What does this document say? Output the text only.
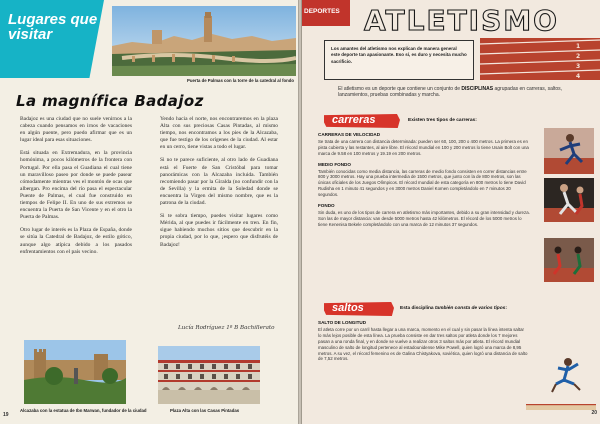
Lugares que visitar
Puerta de Palmas con la torre de la catedral al fondo
La magnífica Badajoz

Badajoz es una ciudad que no suele venirnos a la cabeza cuando pensamos en irnos de vacaciones en algún puente, pero puedo afirmar que es un lugar ideal para esas situaciones.

Está situada en Extremadura, en la provincia homónima, a pocos kilómetros de la frontera con Portugal. Por ella pasa el Guadiana el cual tiene un maravilloso paseo por donde se puede pasear cómodamente mientras ves el montón de ocas que albergan. Pro encima del río pasa el espectacular Puente de Palmas, el cual fue construido en tiempos de Felipe II. En uno de sus extremos se encuentra la Puerta de San Vicente y en el otro la Puerta de Palmas.

Otro lugar de interés es la Plaza de España, donde se sitúa la Catedral de Badajoz, de estilo gótico, aunque algo atípica debido a los pasados enfrentamientos con el país vecino.

Yendo hacia el norte, nos encontraremos en la plaza Alta con sus preciosas Casas Pintadas, al mismo tiempo, nos encontramos a los pies de la Alcazaba, que fue testigo de los orígenes de la ciudad. Al estar en un cerro, tiene vistas a todo el lugar.

Si no te parece suficiente, al otro lado de Guadiana está el Fuerte de San Cristóbal para tomar panorámicas con la Alcazaba incluida. También recomiendo pasar por la Giralda (no confundir con la de Sevilla) y la ermita de la Soledad donde se encuentra la Virgen del mismo nombre, que es la patrona de la ciudad.

Si te sobra tiempo, puedes visitar lugares como Mérida, al que puedes ir fácilmente en tren. En fin, sigue habiendo muchos sitios que descubrir en la propia ciudad, por lo que, ¡espero que disfrutéis de Badajoz!

Lucía Rodríguez 1º B Bachillerato
Alcazaba con la estatua de Ibn Marwan, fundador de la ciudad	Plaza Alta con las Casas Pintadas
19
DEPORTES ATLETISMO
1
2
3
4
Los amantes del atletismo nos explican de manera general este deporte tan apasionante. Eso sí, es duro y necesita mucho sacrificio.
El atletismo es un deporte que contiene un conjunto de DISCIPLINAS agrupadas en carreras, saltos, lanzamientos, pruebas combinadas y marcha.
carreras	Existen tres tipos de carreras:
CARRERAS DE VELOCIDAD

Se trata de una carrera con distancia determinada: pueden ser 60, 100, 200 o 400 metros. La primera es en pista cubierta y las restantes, al aire libre. El récord mundial en 100 y 200 metros lo tiene Usain Bolt con una marca de 9.58 en 100 metros y 19.19 en 200 metros.

MEDIO FONDO

También conocidas como media distancia, las carreras de medio fondo consisten en correr distancias entre 800 y 3000 metros. Hay una prueba intermedia de 1500 metros, que junto con la de 800 metros, son las únicas oficiales de los Juegos Olímpicos. El récord mundial de esta categoría en 800 metros lo tiene David Rudisha en 1 minuto 41 segundos y en 3000 metros Daniel Komen completándolo en 7 minutos 20 segundos.

FONDO

Sin duda, es uno de los tipos de carrera en atletismo más importantes, debido a su gran intensidad y dureza. Son las de mayor distancia: van desde 5000 metros hasta 42 kilómetros. El récord de los 5000 metros lo tiene Kenenisa Bekele completándolo con una marca de 12 minutos 37 segundos.

saltos	Esta disciplina también consta de varios tipos:
SALTO DE LONGITUD

El atleta corre por un carril hasta llegar a una marca, momento en el cual y sin pasar la línea intenta saltar lo más lejos posible de esta línea. La prueba consiste en dar tres saltos por atleta donde los 7 mejores pasan a una ronda final, y en donde se vuelve a realizar otros 3 saltos más por atleta. El récord mundial masculino de salto de longitud pertenece al estadounidense Mike Powell, quien logró una marca de 8,95 metros. A su vez, el récord femenino es de Galina Chistyakova, soviética, quien logró una distancia de salto de 7,52 metros.

20
